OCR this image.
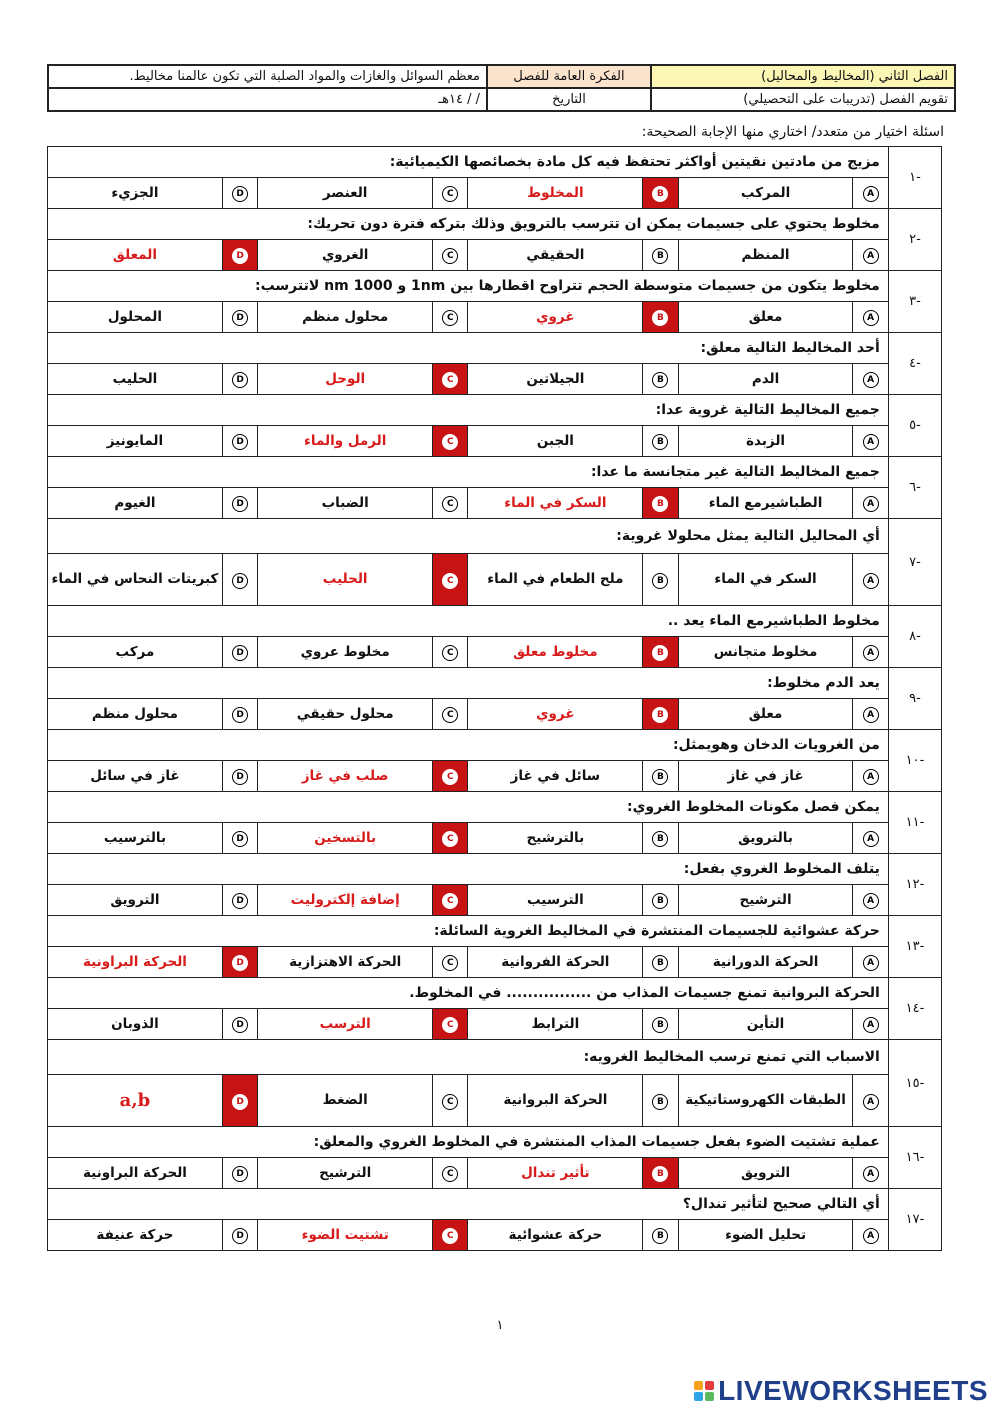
الفصل الثاني (المخاليط والمحاليل)	الفكرة العامة للفصل	معظم السوائل والغازات والمواد الصلبة التي تكون عالمنا مخاليط.
تقويم الفصل (تدريبات على التحصيلي)	التاريخ	/ / ١٤هـ
اسئلة اختيار من متعدد/ اختاري منها الإجابة الصحيحة:
-١	مزيج من مادتين نقيتين أواكثر تحتفظ فيه كل مادة بخصائصها الكيميائية:							
	A	المركب	B	المخلوط	C	العنصر	D	الجزيء
-٢	مخلوط يحتوي على جسيمات يمكن ان تترسب بالترويق وذلك بتركه فترة دون تحريك:							
	A	المنظم	B	الحقيقي	C	الغروي	D	المعلق
-٣	مخلوط يتكون من جسيمات متوسطة الحجم تتراوح اقطارها بين 1nm و 1000 nm لاتترسب:							
	A	معلق	B	غروي	C	محلول منظم	D	المحلول
-٤	أحد المخاليط التالية معلق:							
	A	الدم	B	الجيلاتين	C	الوحل	D	الحليب
-٥	جميع المخاليط التالية غروية عدا:							
	A	الزبدة	B	الجبن	C	الرمل والماء	D	المايونيز
-٦	جميع المخاليط التالية غير متجانسة ما عدا:							
	A	الطباشيرمع الماء	B	السكر في الماء	C	الضباب	D	الغيوم
-٧	أي المحاليل التالية يمثل محلولا غروية:							
	A	السكر في الماء	B	ملح الطعام في الماء	C	الحليب	D	كبريتات النحاس في الماء
-٨	مخلوط الطباشيرمع الماء يعد ..							
	A	مخلوط متجانس	B	مخلوط معلق	C	مخلوط عروي	D	مركب
-٩	يعد الدم مخلوط:							
	A	معلق	B	غروي	C	محلول حقيقي	D	محلول منظم
-١٠	من الغرويات الدخان وهويمثل:							
	A	غاز في غاز	B	سائل في غاز	C	صلب في غاز	D	غاز في سائل
-١١	يمكن فصل مكونات المخلوط الغروي:							
	A	بالترويق	B	بالترشيح	C	بالتسخين	D	بالترسيب
-١٢	يتلف المخلوط الغروي بفعل:							
	A	الترشيح	B	الترسيب	C	إضافة إلكتروليت	D	الترويق
-١٣	حركة عشوائية للجسيمات المنتشرة في المخاليط الغروية السائلة:							
	A	الحركة الدورانية	B	الحركة الفروانية	C	الحركة الاهتزازية	D	الحركة البراونية
-١٤	الحركة البروانية تمنع جسيمات المذاب من ................ في المخلوط.							
	A	التأين	B	الترابط	C	الترسب	D	الذوبان
-١٥	الاسباب التي تمنع ترسب المخاليط الغرويه:							
	A	الطبقات الكهروستاتيكية	B	الحركة البروانية	C	الضغط	D	a,b
-١٦	عملية تشتيت الضوء بفعل جسيمات المذاب المنتشرة في المخلوط الغروي والمعلق:							
	A	الترويق	B	تأثير تندال	C	الترشيح	D	الحركة البراونية
-١٧	أي التالي صحيح لتأثير تندال؟							
	A	تحليل الضوء	B	حركة عشوائية	C	تشتيت الضوء	D	حركة عنيفة
١
LIVEWORKSHEETS
